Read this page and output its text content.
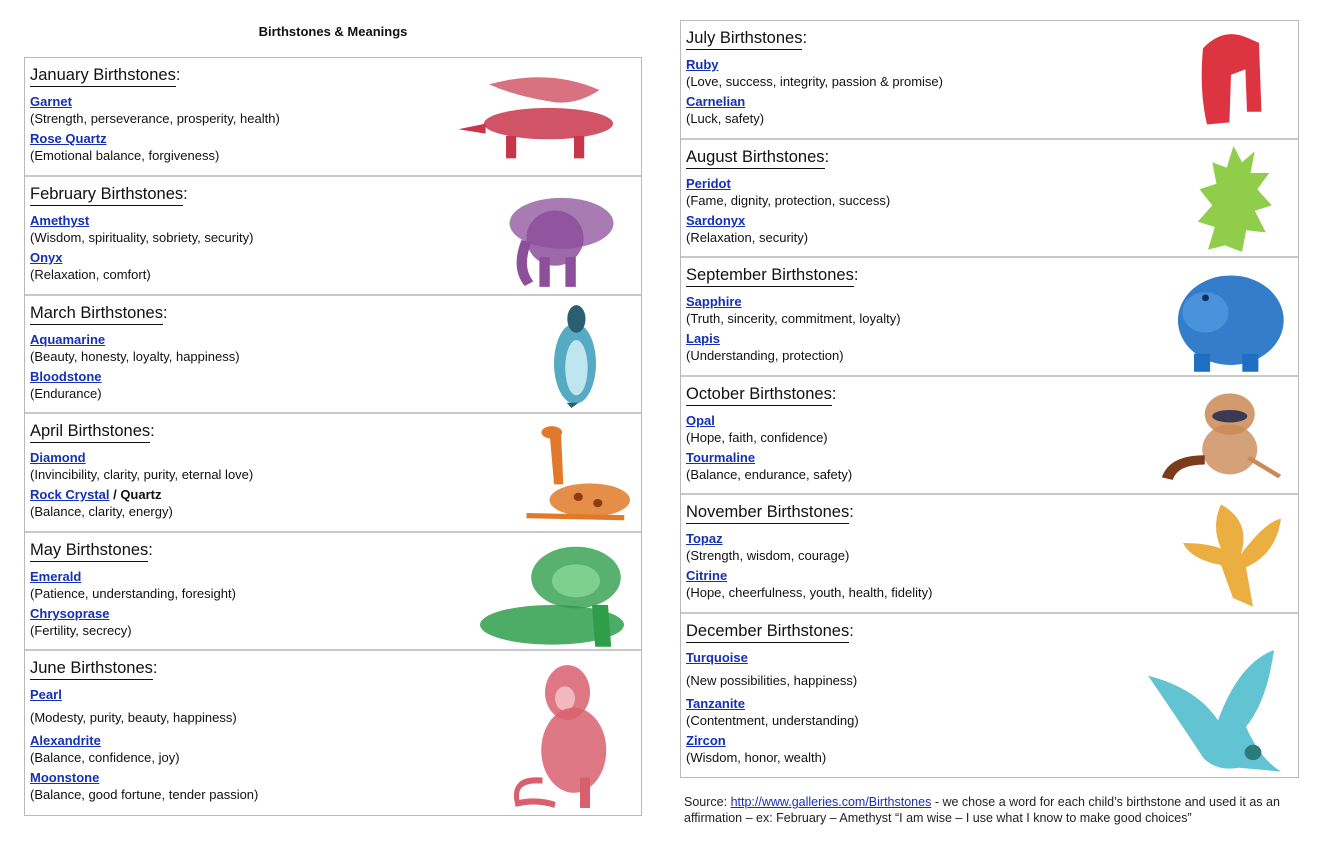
Birthstones & Meanings
January Birthstones :
Garnet
(Strength, perseverance, prosperity, health)
Rose Quartz
(Emotional balance, forgiveness)
February Birthstones :
Amethyst
(Wisdom, spirituality, sobriety, security)
Onyx
(Relaxation, comfort)
March Birthstones :
Aquamarine
(Beauty, honesty, loyalty, happiness)
Bloodstone
(Endurance)
April Birthstones :
Diamond
(Invincibility, clarity, purity, eternal love)
Rock Crystal / Quartz
(Balance, clarity, energy)
May Birthstones :
Emerald
(Patience, understanding, foresight)
Chrysoprase
(Fertility, secrecy)
June Birthstones :
Pearl
(Modesty, purity, beauty, happiness)
Alexandrite
(Balance, confidence, joy)
Moonstone
(Balance, good fortune, tender passion)
July Birthstones :
Ruby
(Love, success, integrity, passion & promise)
Carnelian
(Luck, safety)
August Birthstones :
Peridot
(Fame, dignity, protection, success)
Sardonyx
(Relaxation, security)
September Birthstones :
Sapphire
(Truth, sincerity, commitment, loyalty)
Lapis
(Understanding, protection)
October Birthstones :
Opal
(Hope, faith, confidence)
Tourmaline
(Balance, endurance, safety)
November Birthstones :
Topaz
(Strength, wisdom, courage)
Citrine
(Hope, cheerfulness, youth, health, fidelity)
December Birthstones :
Turquoise
(New possibilities, happiness)
Tanzanite
(Contentment, understanding)
Zircon
(Wisdom, honor, wealth)
Source: http://www.galleries.com/Birthstones - we chose a word for each child’s birthstone and used it as an affirmation – ex: February – Amethyst “I am wise – I use what I know to make good choices”
